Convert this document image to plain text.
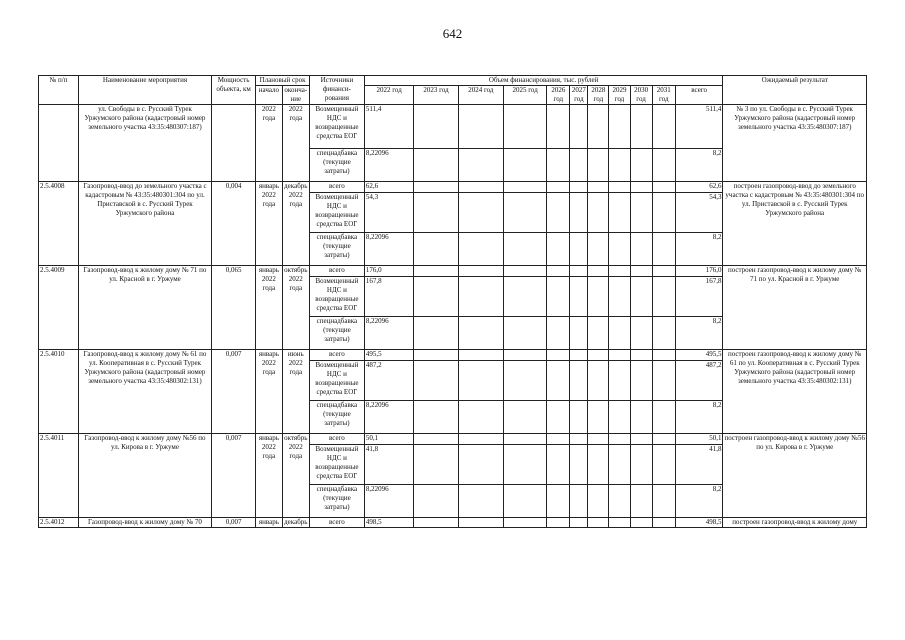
642
№ п/п	Наименование мероприятия	Мощность объекта, км	Плановый срок		Источники финанси-рования	Объем финансирования, тыс. рублей											Ожидаемый результат
			начало	оконча-ние		2022 год	2023 год	2024 год	2025 год	2026 год	2027 год	2028 год	2029 год	2030 год	2031 год	всего	
	ул. Свободы в с. Русский Турек Уржумского района (кадастровый номер земельного участка 43:35:480307:187)		2022 года	2022 года	Возмещенный НДС и возвращенные средства ЕОГ	511,4										511,4	№ 3 по ул. Свободы в с. Русский Турек Уржумского района (кадастровый номер земельного участка 43:35:480307:187)
					спецнадбавка (текущие затраты)	8,22096										8,2	
2.5.4008	Газопровод-ввод до земельного участка с кадастровым № 43:35:480301:304 по ул. Приставской в с. Русский Турек Уржумского района	0,004	январь 2022 года	декабрь 2022 года	всего	62,6										62,6	построен газопровод-ввод до земельного участка с кадастровым № 43:35:480301:304 по ул. Приставской в с. Русский Турек Уржумского района
					Возмещенный НДС и возвращенные средства ЕОГ	54,3										54,3	
					спецнадбавка (текущие затраты)	8,22096										8,2	
2.5.4009	Газопровод-ввод к жилому дому № 71 по ул. Красной в г. Уржуме	0,065	январь 2022 года	октябрь 2022 года	всего	176,0										176,0	построен газопровод-ввод к жилому дому № 71 по ул. Красной в г. Уржуме
					Возмещенный НДС и возвращенные средства ЕОГ	167,8										167,8	
					спецнадбавка (текущие затраты)	8,22096										8,2	
2.5.4010	Газопровод-ввод к жилому дому № 61 по ул. Кооперативная в с. Русский Турек Уржумского района (кадастровый номер земельного участка 43:35:480302:131)	0,007	январь 2022 года	июнь 2022 года	всего	495,5										495,5	построен газопровод-ввод к жилому дому № 61 по ул. Кооперативная в с. Русский Турек Уржумского района (кадастровый номер земельного участка 43:35:480302:131)
					Возмещенный НДС и возвращенные средства ЕОГ	487,2										487,2	
					спецнадбавка (текущие затраты)	8,22096										8,2	
2.5.4011	Газопровод-ввод к жилому дому №56 по ул. Кирова в г. Уржуме	0,007	январь 2022 года	октябрь 2022 года	всего	50,1										50,1	построен газопровод-ввод к жилому дому №56 по ул. Кирова в г. Уржуме
					Возмещенный НДС и возвращенные средства ЕОГ	41,8										41,8	
					спецнадбавка (текущие затраты)	8,22096										8,2	
2.5.4012	Газопровод-ввод к жилому дому № 70	0,007	январь	декабрь	всего	498,5										498,5	построен газопровод-ввод к жилому дому
